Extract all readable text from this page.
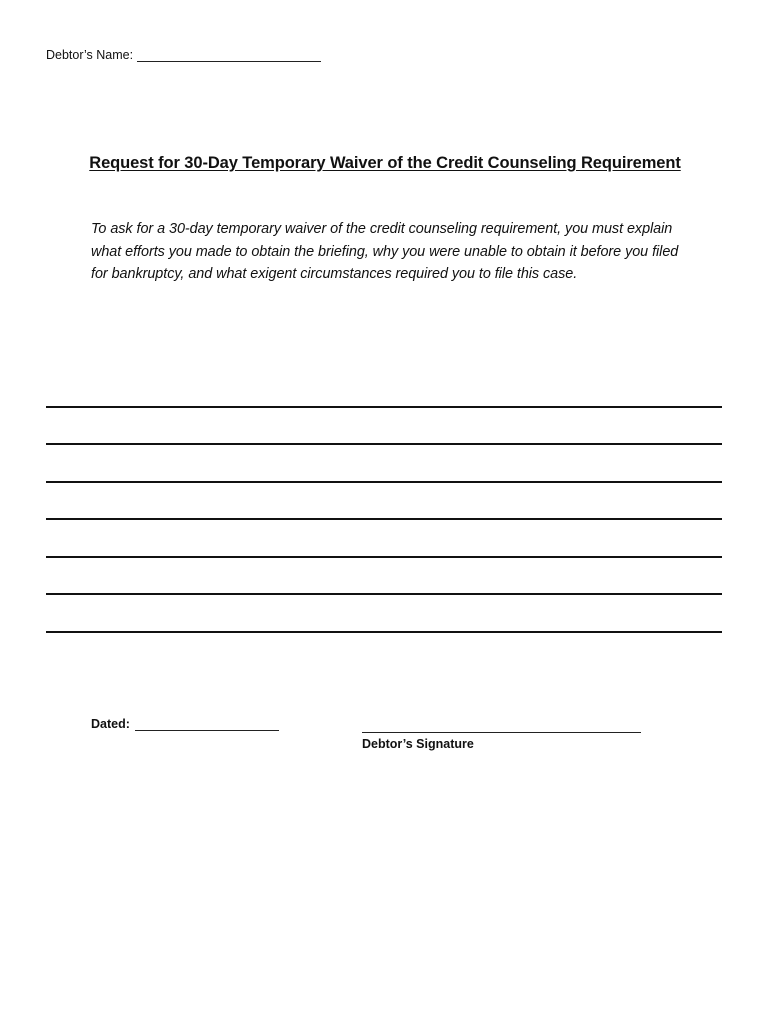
Debtor’s Name:
Request for 30-Day Temporary Waiver of the Credit Counseling Requirement
To ask for a 30-day temporary waiver of the credit counseling requirement, you must explain what efforts you made to obtain the briefing, why you were unable to obtain it before you filed for bankruptcy, and what exigent circumstances required you to file this case.
Dated:
Debtor’s Signature
